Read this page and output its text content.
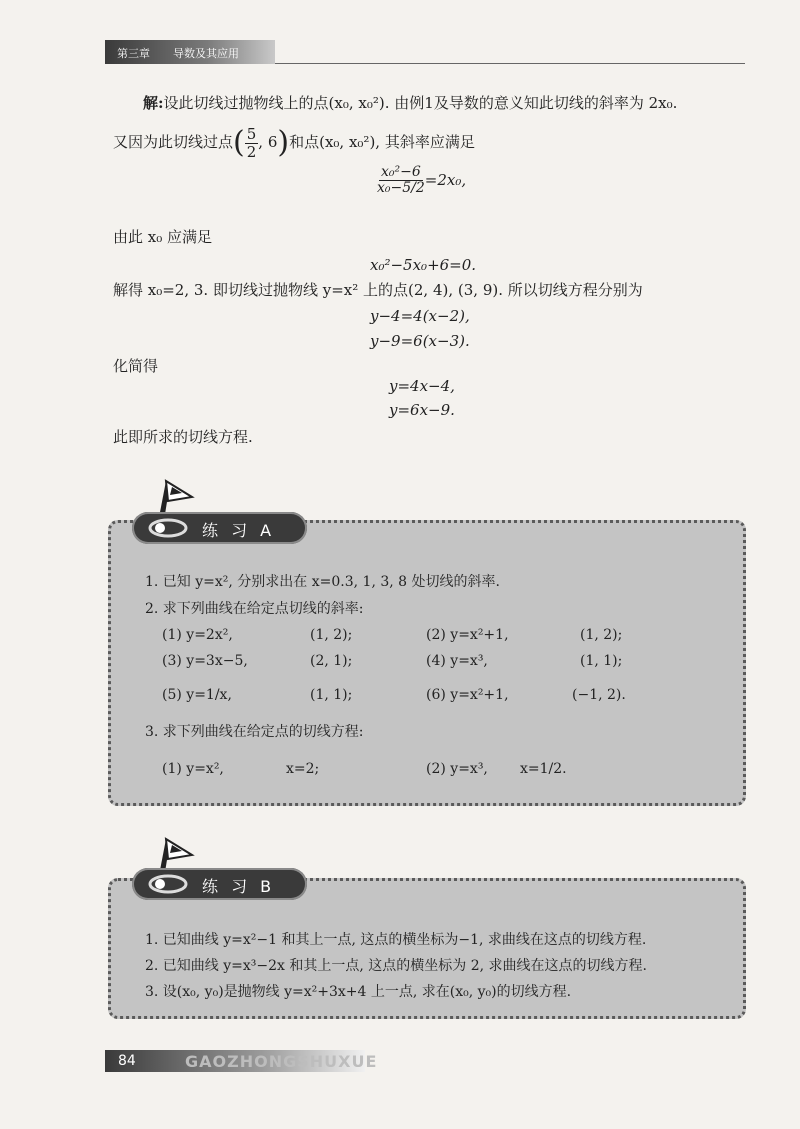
第三章 导数及其应用
解:设此切线过抛物线上的点(x₀, x₀²). 由例1及导数的意义知此切线的斜率为 2x₀.
又因为此切线过点( $\frac{5}{2}$ , 6)和点(x₀, x₀²), 其斜率应满足
$\frac{\text{x₀²−6}}{\text{x₀−5/2}} =2x_0$,
由此 x₀ 应满足
x₀²−5x₀+6=0.
解得 x₀=2, 3. 即切线过抛物线 y=x² 上的点(2, 4), (3, 9). 所以切线方程分别为
y−4=4(x−2),
y−9=6(x−3).
化简得
y=4x−4,
y=6x−9.
此即所求的切线方程.
练 习 A
1. 已知 y=x², 分别求出在 x=0.3, 1, 3, 8 处切线的斜率.
2. 求下列曲线在给定点切线的斜率:
(1) y=2x²,	(1, 2);	(2) y=x²+1,	(1, 2);
(3) y=3x−5,	(2, 1);	(4) y=x³,	(1, 1);
(5) y=1/x,	(1, 1);	(6) y=x²+1,	(−1, 2).
3. 求下列曲线在给定点的切线方程:
(1) y=x²,	x=2;	(2) y=x³, x=1/2.
练 习 B
1. 已知曲线 y=x²−1 和其上一点, 这点的横坐标为−1, 求曲线在这点的切线方程.
2. 已知曲线 y=x³−2x 和其上一点, 这点的横坐标为 2, 求曲线在这点的切线方程.
3. 设(x₀, y₀)是抛物线 y=x²+3x+4 上一点, 求在(x₀, y₀)的切线方程.
84	GAOZHONGSHUXUE
